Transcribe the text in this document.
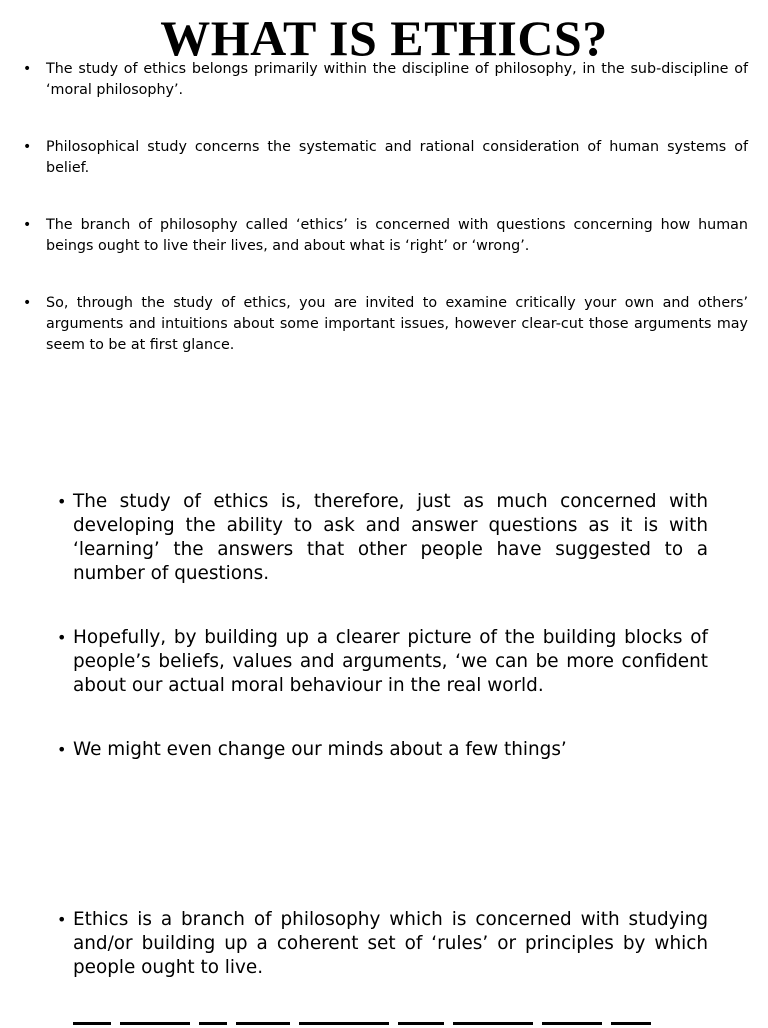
WHAT IS ETHICS?
• The study of ethics belongs primarily within the discipline of philosophy, in the sub-discipline of ‘moral philosophy’.
• Philosophical study concerns the systematic and rational consideration of human systems of belief.
• The branch of philosophy called ‘ethics’ is concerned with questions concerning how human beings ought to live their lives, and about what is ‘right’ or ‘wrong’.
• So, through the study of ethics, you are invited to examine critically your own and others’ arguments and intuitions about some important issues, however clear-cut those arguments may seem to be at first glance.
• The study of ethics is, therefore, just as much concerned with developing the ability to ask and answer questions as it is with ‘learning’ the answers that other people have suggested to a number of questions.
• Hopefully, by building up a clearer picture of the building blocks of people’s beliefs, values and arguments, ‘we can be more confident about our actual moral behaviour in the real world.
• We might even change our minds about a few things’
• Ethics is a branch of philosophy which is concerned with studying and/or building up a coherent set of ‘rules’ or principles by which people ought to live.
